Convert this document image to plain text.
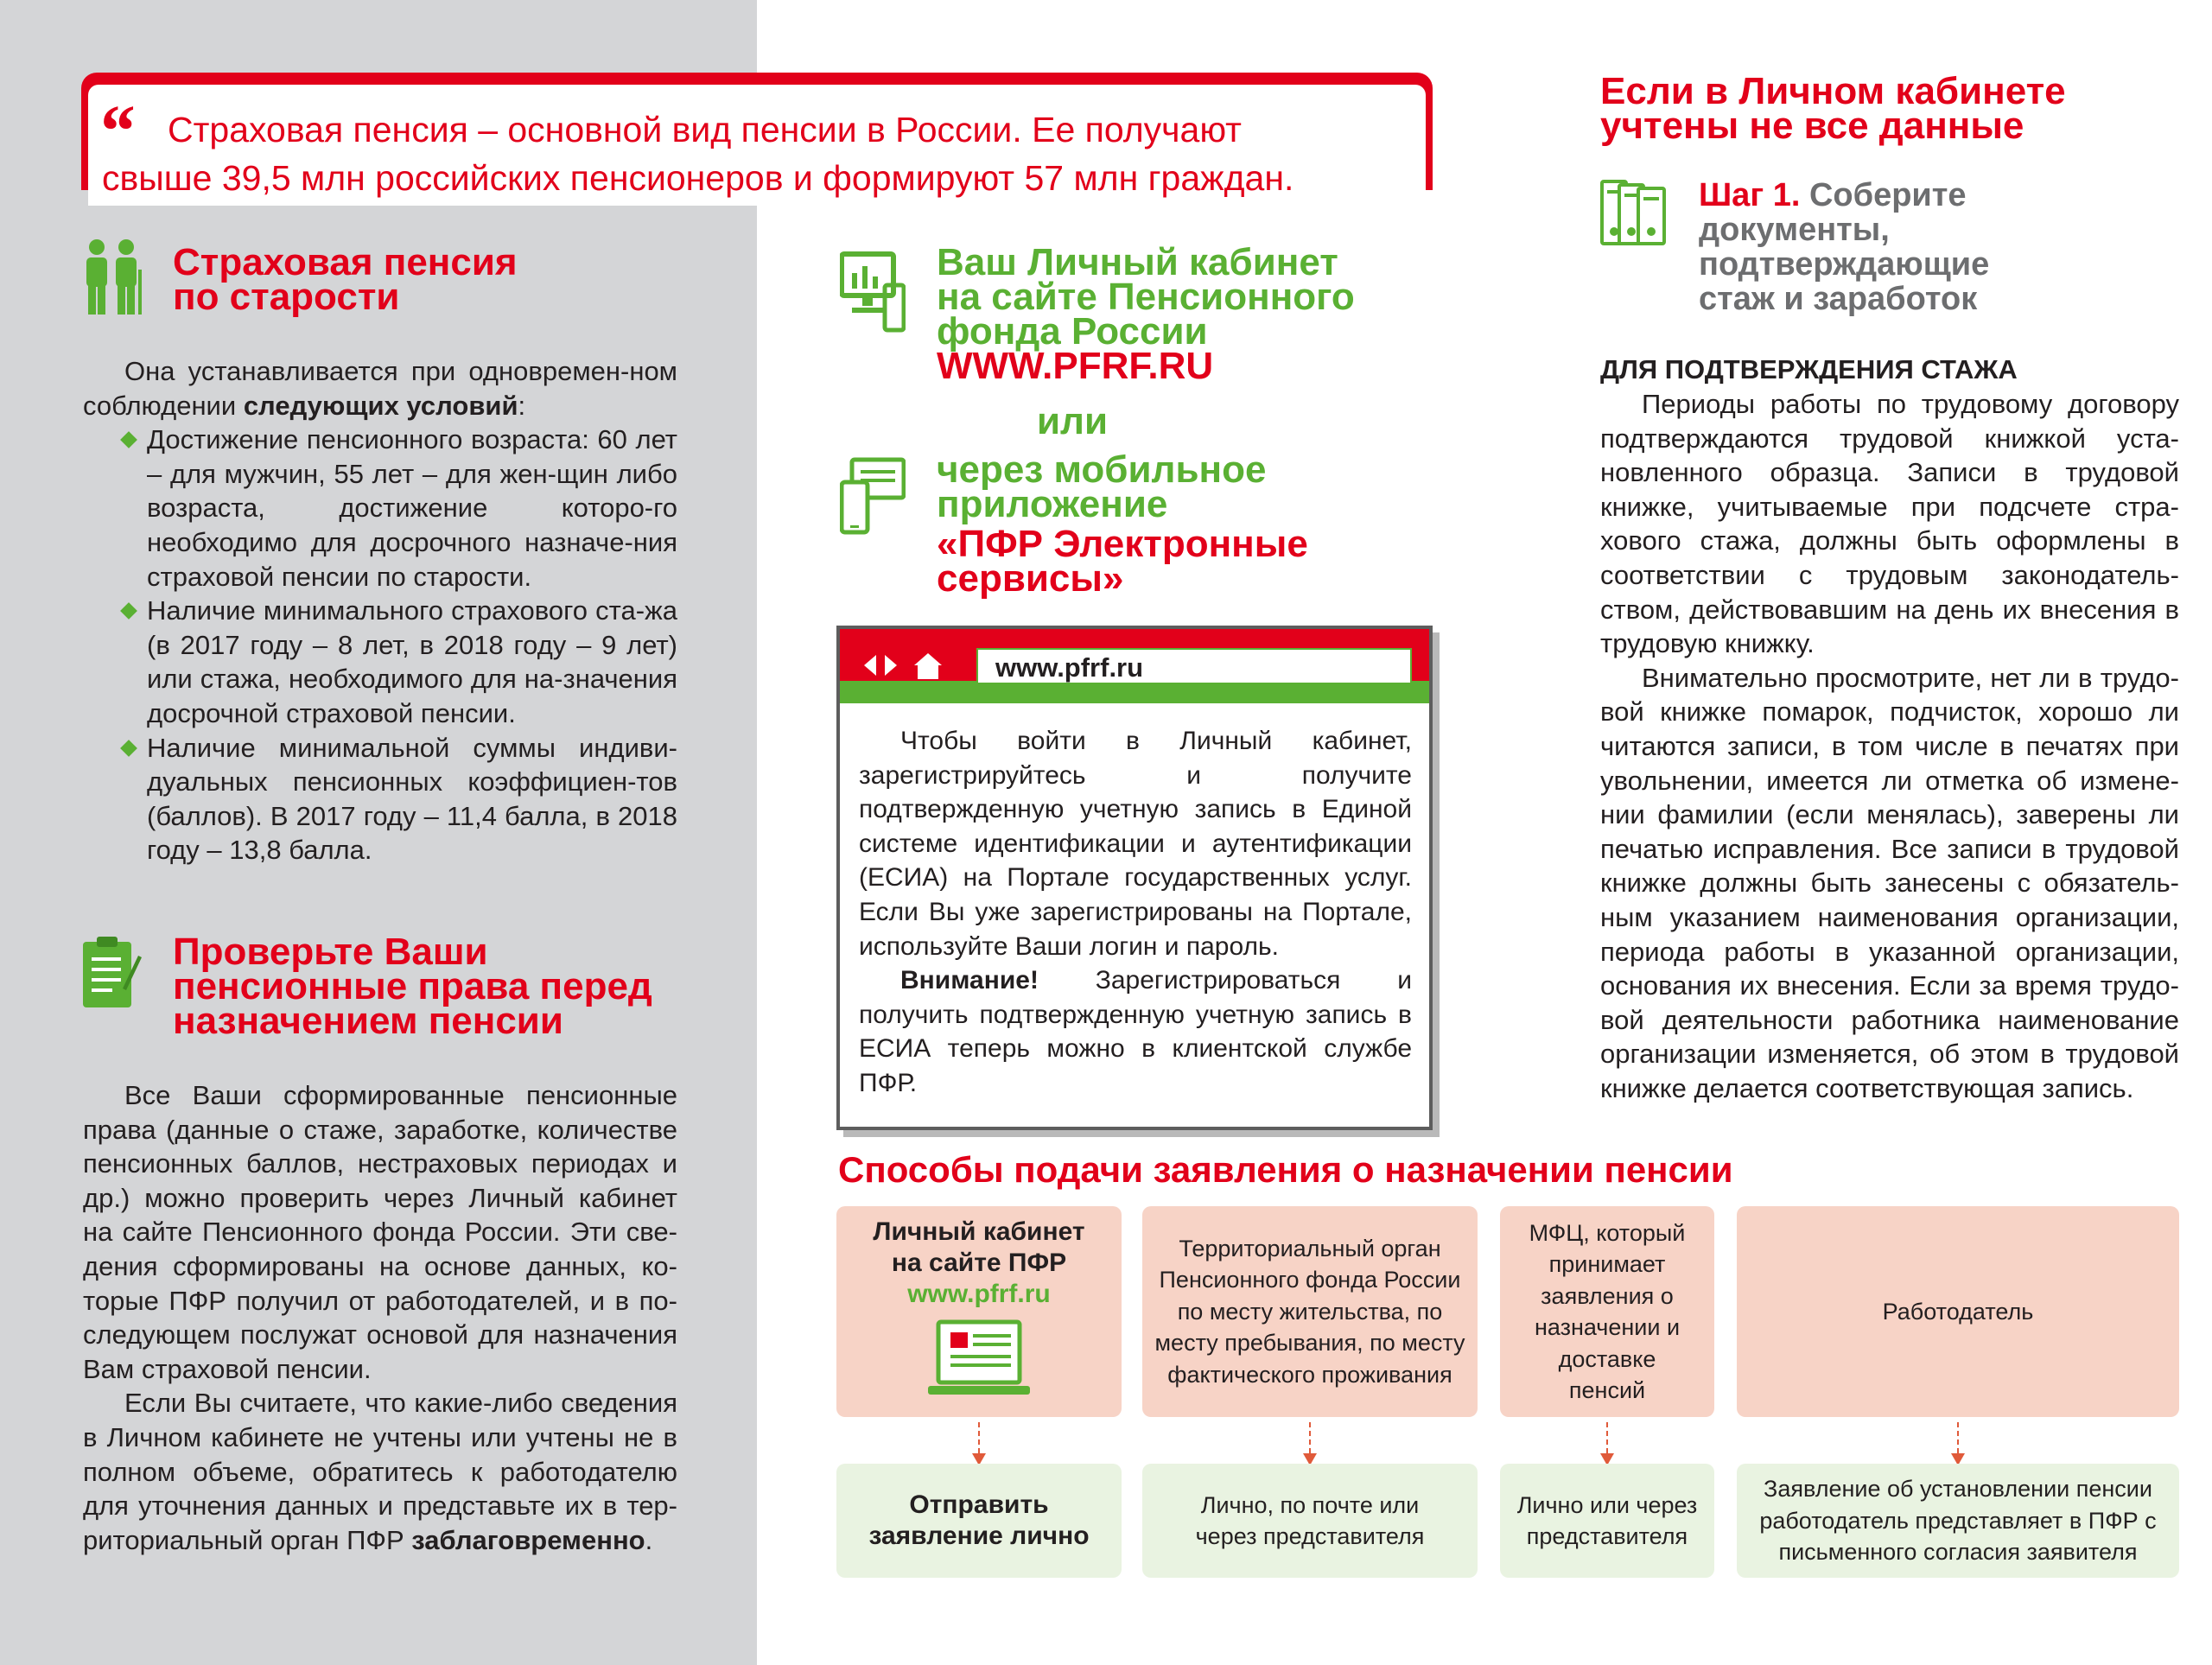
“ Страховая пенсия – основной вид пенсии в России. Ее получают
свыше 39,5 млн российских пенсионеров и формируют 57 млн граждан.
Страховая пенсия
по старости

Она устанавливается при одновремен-ном соблюдении следующих условий:

Достижение пенсионного возраста: 60 лет – для мужчин, 55 лет – для жен-щин либо возраста, достижение которо-го необходимо для досрочного назначе-ния страховой пенсии по старости.
Наличие минимального страхового ста-жа (в 2017 году – 8 лет, в 2018 году – 9 лет) или стажа, необходимого для на-значения досрочной страховой пенсии.
Наличие минимальной суммы индиви-дуальных пенсионных коэффициен-тов (баллов). В 2017 году – 11,4 балла, в 2018 году – 13,8 балла.
Проверьте Ваши
пенсионные права перед
назначением пенсии

Все Ваши сформированные пенсионные права (данные о стаже, заработке, количестве пенсионных баллов, нестраховых периодах и др.) можно проверить через Личный кабинет на сайте Пенсионного фонда России. Эти све-дения сформированы на основе данных, ко-торые ПФР получил от работодателей, и в по-следующем послужат основой для назначения Вам страховой пенсии.

Если Вы считаете, что какие-либо сведения в Личном кабинете не учтены или учтены не в полном объеме, обратитесь к работодателю для уточнения данных и представьте их в тер-риториальный орган ПФР заблаговременно.

Ваш Личный кабинет
на сайте Пенсионного
фонда России
WWW.PFRF.RU
или
через мобильное
приложение
«ПФР Электронные
сервисы»
www.pfrf.ru

Чтобы войти в Личный кабинет, зарегистрируйтесь и получите подтвержденную учетную запись в Единой системе идентификации и аутентификации (ЕСИА) на Портале государственных услуг. Если Вы уже зарегистрированы на Портале, используйте Ваши логин и пароль.

Внимание! Зарегистрироваться и получить подтвержденную учетную запись в ЕСИА теперь можно в клиентской службе ПФР.

Если в Личном кабинете
учтены не все данные
Шаг 1. Соберите
документы,
подтверждающие
стаж и заработок
ДЛЯ ПОДТВЕРЖДЕНИЯ СТАЖА

Периоды работы по трудовому договору подтверждаются трудовой книжкой уста-новленного образца. Записи в трудовой книжке, учитываемые при подсчете стра-хового стажа, должны быть оформлены в соответствии с трудовым законодатель-ством, действовавшим на день их внесения в трудовую книжку.

Внимательно просмотрите, нет ли в трудо-вой книжке помарок, подчисток, хорошо ли читаются записи, в том числе в печатях при увольнении, имеется ли отметка об измене-нии фамилии (если менялась), заверены ли печатью исправления. Все записи в трудовой книжке должны быть занесены с обязатель-ным указанием наименования организации, периода работы в указанной организации, основания их внесения. Если за время трудо-вой деятельности работника наименование организации изменяется, об этом в трудовой книжке делается соответствующая запись.

Способы подачи заявления о назначении пенсии
Личный кабинет
на сайте ПФР
www.pfrf.ru
Территориальный орган Пенсионного фонда России по месту жительства, по месту пребывания, по месту фактического проживания
МФЦ, который принимает заявления о назначении и доставке пенсий
Работодатель
Отправить заявление лично
Лично, по почте или через представителя
Лично или через представителя
Заявление об установлении пенсии работодатель представляет в ПФР с письменного согласия заявителя
